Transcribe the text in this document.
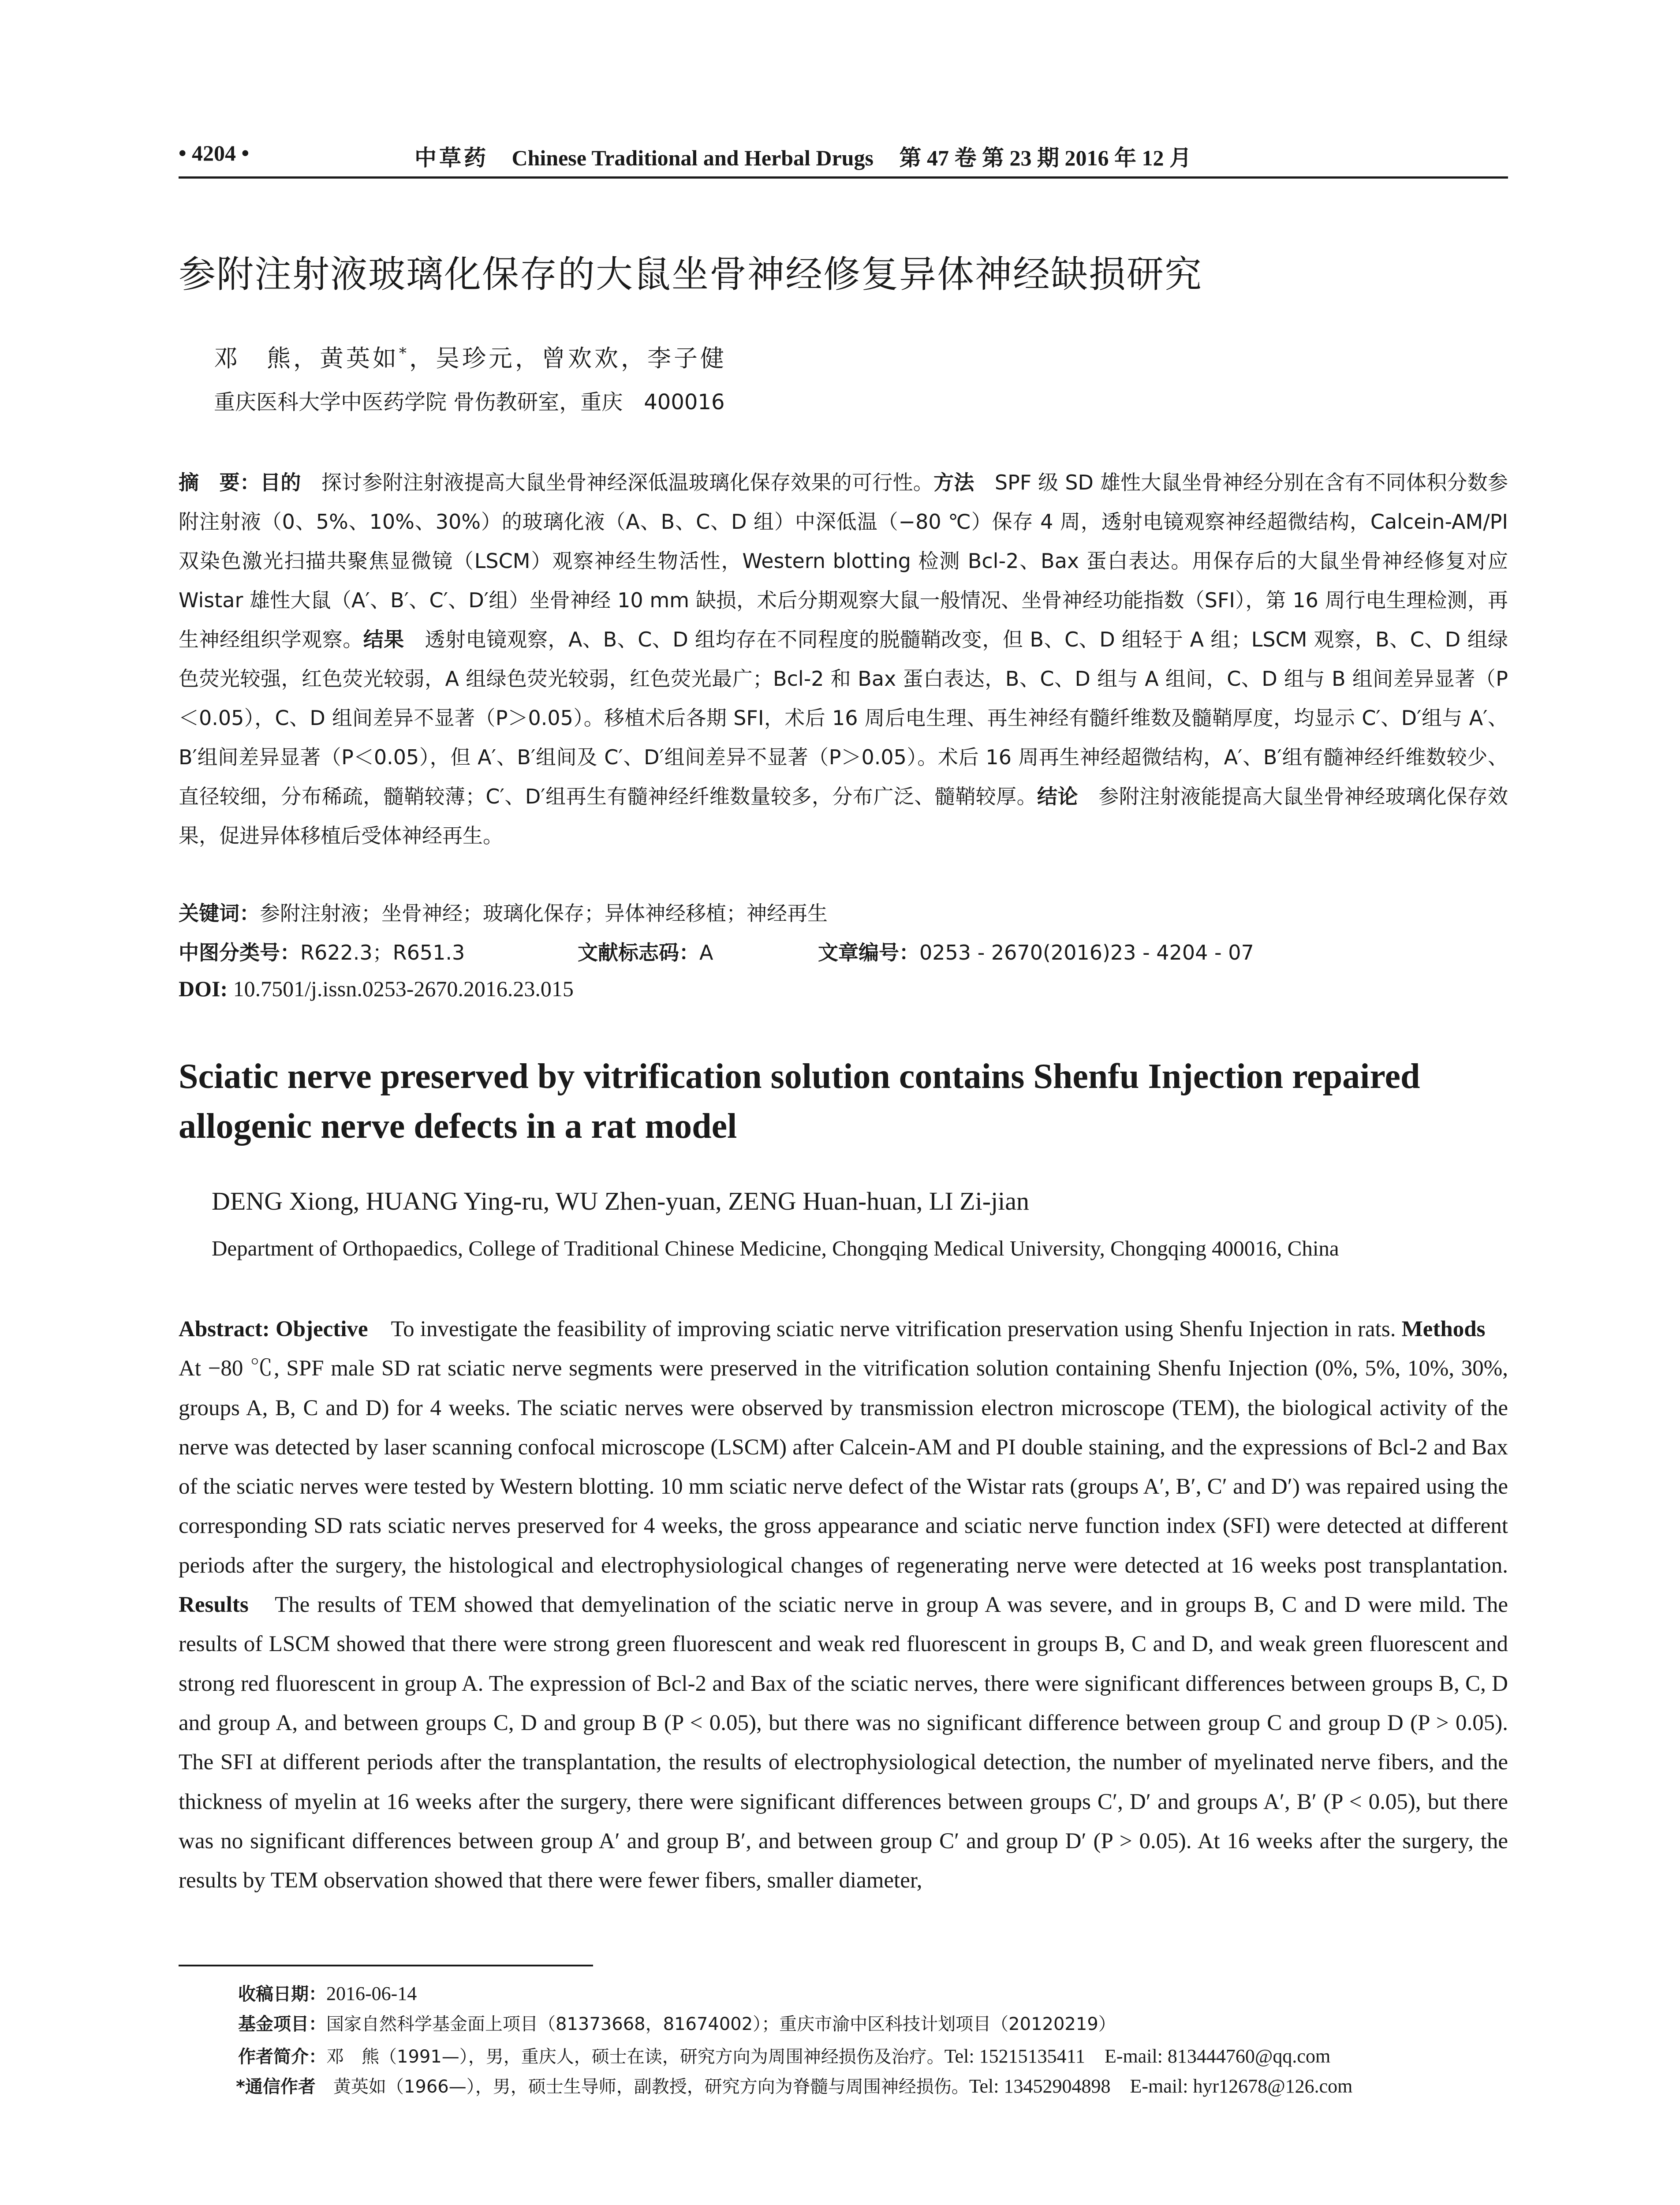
• 4204 •	中草药 Chinese Traditional and Herbal Drugs 第 47 卷 第 23 期 2016 年 12 月
参附注射液玻璃化保存的大鼠坐骨神经修复异体神经缺损研究
邓　熊，黄英如*，吴珍元，曾欢欢，李子健
重庆医科大学中医药学院 骨伤教研室，重庆　400016
摘　要：目的　探讨参附注射液提高大鼠坐骨神经深低温玻璃化保存效果的可行性。方法　SPF 级 SD 雄性大鼠坐骨神经分别在含有不同体积分数参附注射液（0、5%、10%、30%）的玻璃化液（A、B、C、D 组）中深低温（−80 ℃）保存 4 周，透射电镜观察神经超微结构，Calcein-AM/PI 双染色激光扫描共聚焦显微镜（LSCM）观察神经生物活性，Western blotting 检测 Bcl-2、Bax 蛋白表达。用保存后的大鼠坐骨神经修复对应 Wistar 雄性大鼠（A′、B′、C′、D′组）坐骨神经 10 mm 缺损，术后分期观察大鼠一般情况、坐骨神经功能指数（SFI），第 16 周行电生理检测，再生神经组织学观察。结果　透射电镜观察，A、B、C、D 组均存在不同程度的脱髓鞘改变，但 B、C、D 组轻于 A 组；LSCM 观察，B、C、D 组绿色荧光较强，红色荧光较弱，A 组绿色荧光较弱，红色荧光最广；Bcl-2 和 Bax 蛋白表达，B、C、D 组与 A 组间，C、D 组与 B 组间差异显著（P＜0.05），C、D 组间差异不显著（P＞0.05）。移植术后各期 SFI，术后 16 周后电生理、再生神经有髓纤维数及髓鞘厚度，均显示 C′、D′组与 A′、B′组间差异显著（P＜0.05），但 A′、B′组间及 C′、D′组间差异不显著（P＞0.05）。术后 16 周再生神经超微结构，A′、B′组有髓神经纤维数较少、直径较细，分布稀疏，髓鞘较薄；C′、D′组再生有髓神经纤维数量较多，分布广泛、髓鞘较厚。结论　参附注射液能提高大鼠坐骨神经玻璃化保存效果，促进异体移植后受体神经再生。
关键词：参附注射液；坐骨神经；玻璃化保存；异体神经移植；神经再生
中图分类号：R622.3；R651.3	文献标志码：A	文章编号：0253 - 2670(2016)23 - 4204 - 07
DOI: 10.7501/j.issn.0253-2670.2016.23.015
Sciatic nerve preserved by vitrification solution contains Shenfu Injection repaired allogenic nerve defects in a rat model
DENG Xiong, HUANG Ying-ru, WU Zhen-yuan, ZENG Huan-huan, LI Zi-jian
Department of Orthopaedics, College of Traditional Chinese Medicine, Chongqing Medical University, Chongqing 400016, China
Abstract: Objective　To investigate the feasibility of improving sciatic nerve vitrification preservation using Shenfu Injection in rats. Methods　At −80 ℃, SPF male SD rat sciatic nerve segments were preserved in the vitrification solution containing Shenfu Injection (0%, 5%, 10%, 30%, groups A, B, C and D) for 4 weeks. The sciatic nerves were observed by transmission electron microscope (TEM), the biological activity of the nerve was detected by laser scanning confocal microscope (LSCM) after Calcein-AM and PI double staining, and the expressions of Bcl-2 and Bax of the sciatic nerves were tested by Western blotting. 10 mm sciatic nerve defect of the Wistar rats (groups A′, B′, C′ and D′) was repaired using the corresponding SD rats sciatic nerves preserved for 4 weeks, the gross appearance and sciatic nerve function index (SFI) were detected at different periods after the surgery, the histological and electrophysiological changes of regenerating nerve were detected at 16 weeks post transplantation. Results　The results of TEM showed that demyelination of the sciatic nerve in group A was severe, and in groups B, C and D were mild. The results of LSCM showed that there were strong green fluorescent and weak red fluorescent in groups B, C and D, and weak green fluorescent and strong red fluorescent in group A. The expression of Bcl-2 and Bax of the sciatic nerves, there were significant differences between groups B, C, D and group A, and between groups C, D and group B (P < 0.05), but there was no significant difference between group C and group D (P > 0.05). The SFI at different periods after the transplantation, the results of electrophysiological detection, the number of myelinated nerve fibers, and the thickness of myelin at 16 weeks after the surgery, there were significant differences between groups C′, D′ and groups A′, B′ (P < 0.05), but there was no significant differences between group A′ and group B′, and between group C′ and group D′ (P > 0.05). At 16 weeks after the surgery, the results by TEM observation showed that there were fewer fibers, smaller diameter,
收稿日期：2016-06-14
基金项目：国家自然科学基金面上项目（81373668，81674002）；重庆市渝中区科技计划项目（20120219）
作者简介：邓　熊（1991—），男，重庆人，硕士在读，研究方向为周围神经损伤及治疗。Tel: 15215135411　E-mail: 813444760@qq.com
*通信作者　黄英如（1966—），男，硕士生导师，副教授，研究方向为脊髓与周围神经损伤。Tel: 13452904898　E-mail: hyr12678@126.com
